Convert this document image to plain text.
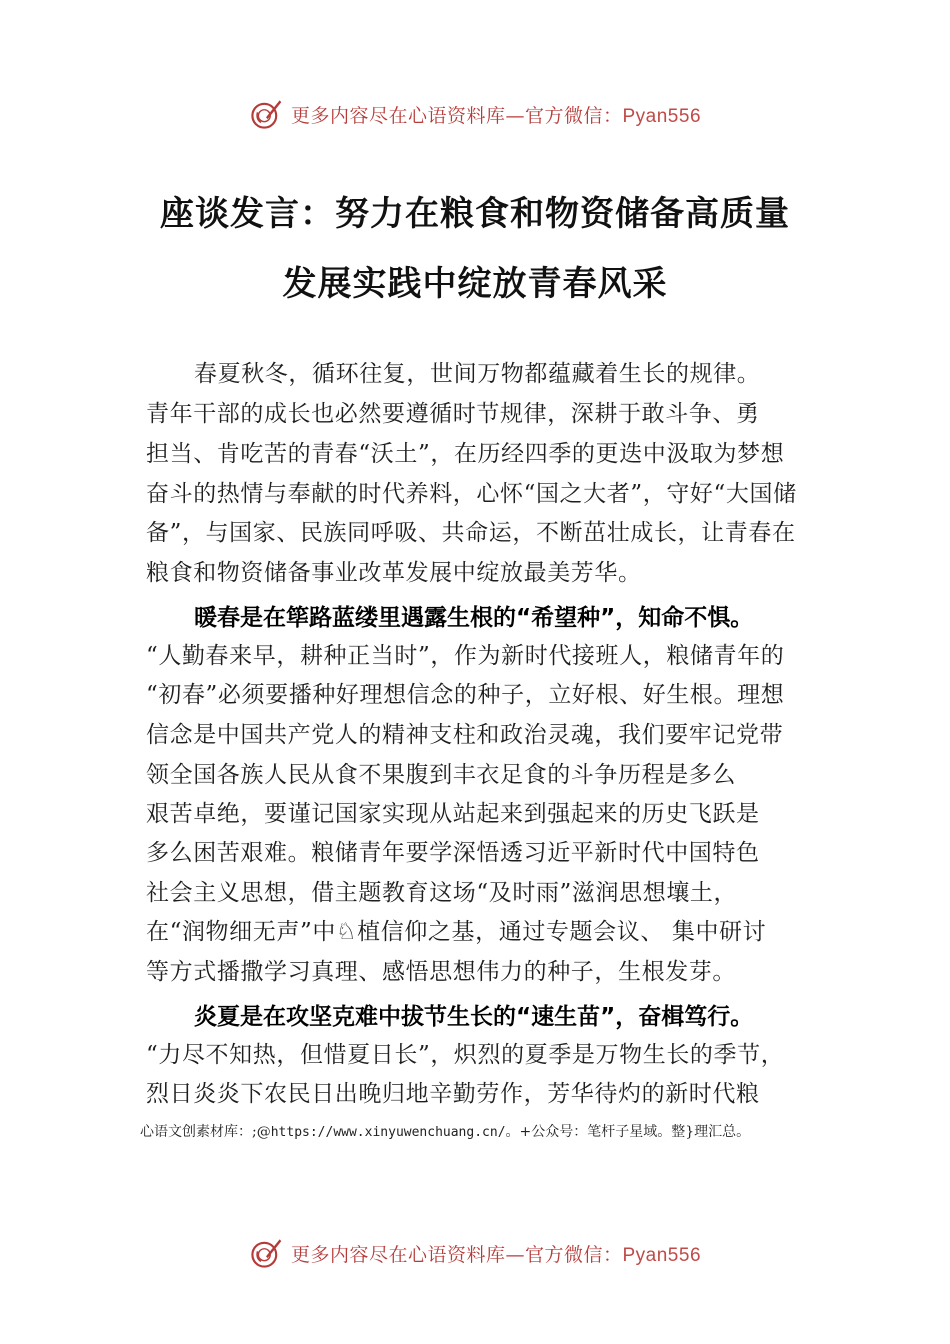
更多内容尽在心语资料库—官方微信：Pyan556
座谈发言：努力在粮食和物资储备高质量
发展实践中绽放青春风采
春夏秋冬，循环往复，世间万物都蕴藏着生长的规律。
青年干部的成长也必然要遵循时节规律，深耕于敢斗争、勇
担当、肯吃苦的青春“沃土”，在历经四季的更迭中汲取为梦想
奋斗的热情与奉献的时代养料，心怀“国之大者”，守好“大国储
备”，与国家、民族同呼吸、共命运，不断茁壮成长，让青春在
粮食和物资储备事业改革发展中绽放最美芳华。
暖春是在筚路蓝缕里遇露生根的“希望种”，知命不惧。
“人勤春来早，耕种正当时”，作为新时代接班人，粮储青年的
“初春”必须要播种好理想信念的种子，立好根、好生根。理想
信念是中国共产党人的精神支柱和政治灵魂，我们要牢记党带
领全国各族人民从食不果腹到丰衣足食的斗争历程是多么
艰苦卓绝，要谨记国家实现从站起来到强起来的历史飞跃是
多么困苦艰难。粮储青年要学深悟透习近平新时代中国特色
社会主义思想，借主题教育这场“及时雨”滋润思想壤土，
在“润物细无声”中♘植信仰之基，通过专题会议、 集中研讨
等方式播撒学习真理、感悟思想伟力的种子，生根发芽。
炎夏是在攻坚克难中拔节生长的“速生苗”，奋楫笃行。
“力尽不知热，但惜夏日长”，炽烈的夏季是万物生长的季节，
烈日炎炎下农民日出晚归地辛勤劳作，芳华待灼的新时代粮
心语文创素材库：;@https://www.xinyuwenchuang.cn/。+公众号：笔杆子星域。整}理汇总。
更多内容尽在心语资料库—官方微信：Pyan556
